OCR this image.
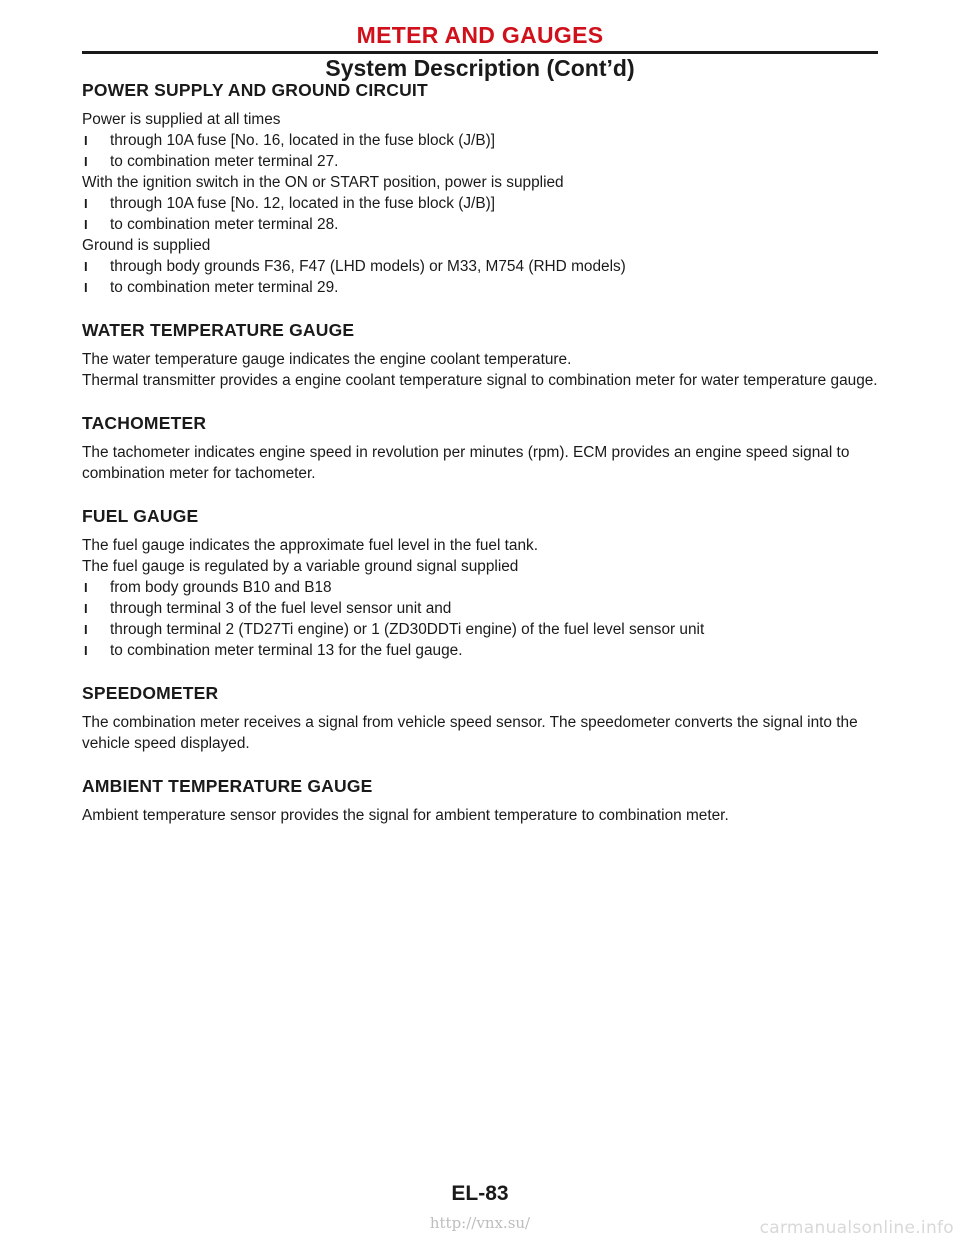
METER AND GAUGES
System Description (Cont’d)
POWER SUPPLY AND GROUND CIRCUIT

Power is supplied at all times

I through 10A fuse [No. 16, located in the fuse block (J/B)]
I to combination meter terminal 27.

With the ignition switch in the ON or START position, power is supplied

I through 10A fuse [No. 12, located in the fuse block (J/B)]
I to combination meter terminal 28.

Ground is supplied

I through body grounds F36, F47 (LHD models) or M33, M754 (RHD models)
I to combination meter terminal 29.
WATER TEMPERATURE GAUGE

The water temperature gauge indicates the engine coolant temperature.

Thermal transmitter provides a engine coolant temperature signal to combination meter for water temperature gauge.

TACHOMETER

The tachometer indicates engine speed in revolution per minutes (rpm). ECM provides an engine speed signal to combination meter for tachometer.

FUEL GAUGE

The fuel gauge indicates the approximate fuel level in the fuel tank.

The fuel gauge is regulated by a variable ground signal supplied

I from body grounds B10 and B18
I through terminal 3 of the fuel level sensor unit and
I through terminal 2 (TD27Ti engine) or 1 (ZD30DDTi engine) of the fuel level sensor unit
I to combination meter terminal 13 for the fuel gauge.
SPEEDOMETER

The combination meter receives a signal from vehicle speed sensor. The speedometer converts the signal into the vehicle speed displayed.

AMBIENT TEMPERATURE GAUGE

Ambient temperature sensor provides the signal for ambient temperature to combination meter.

EL-83
http://vnx.su/	carmanualsonline.info
